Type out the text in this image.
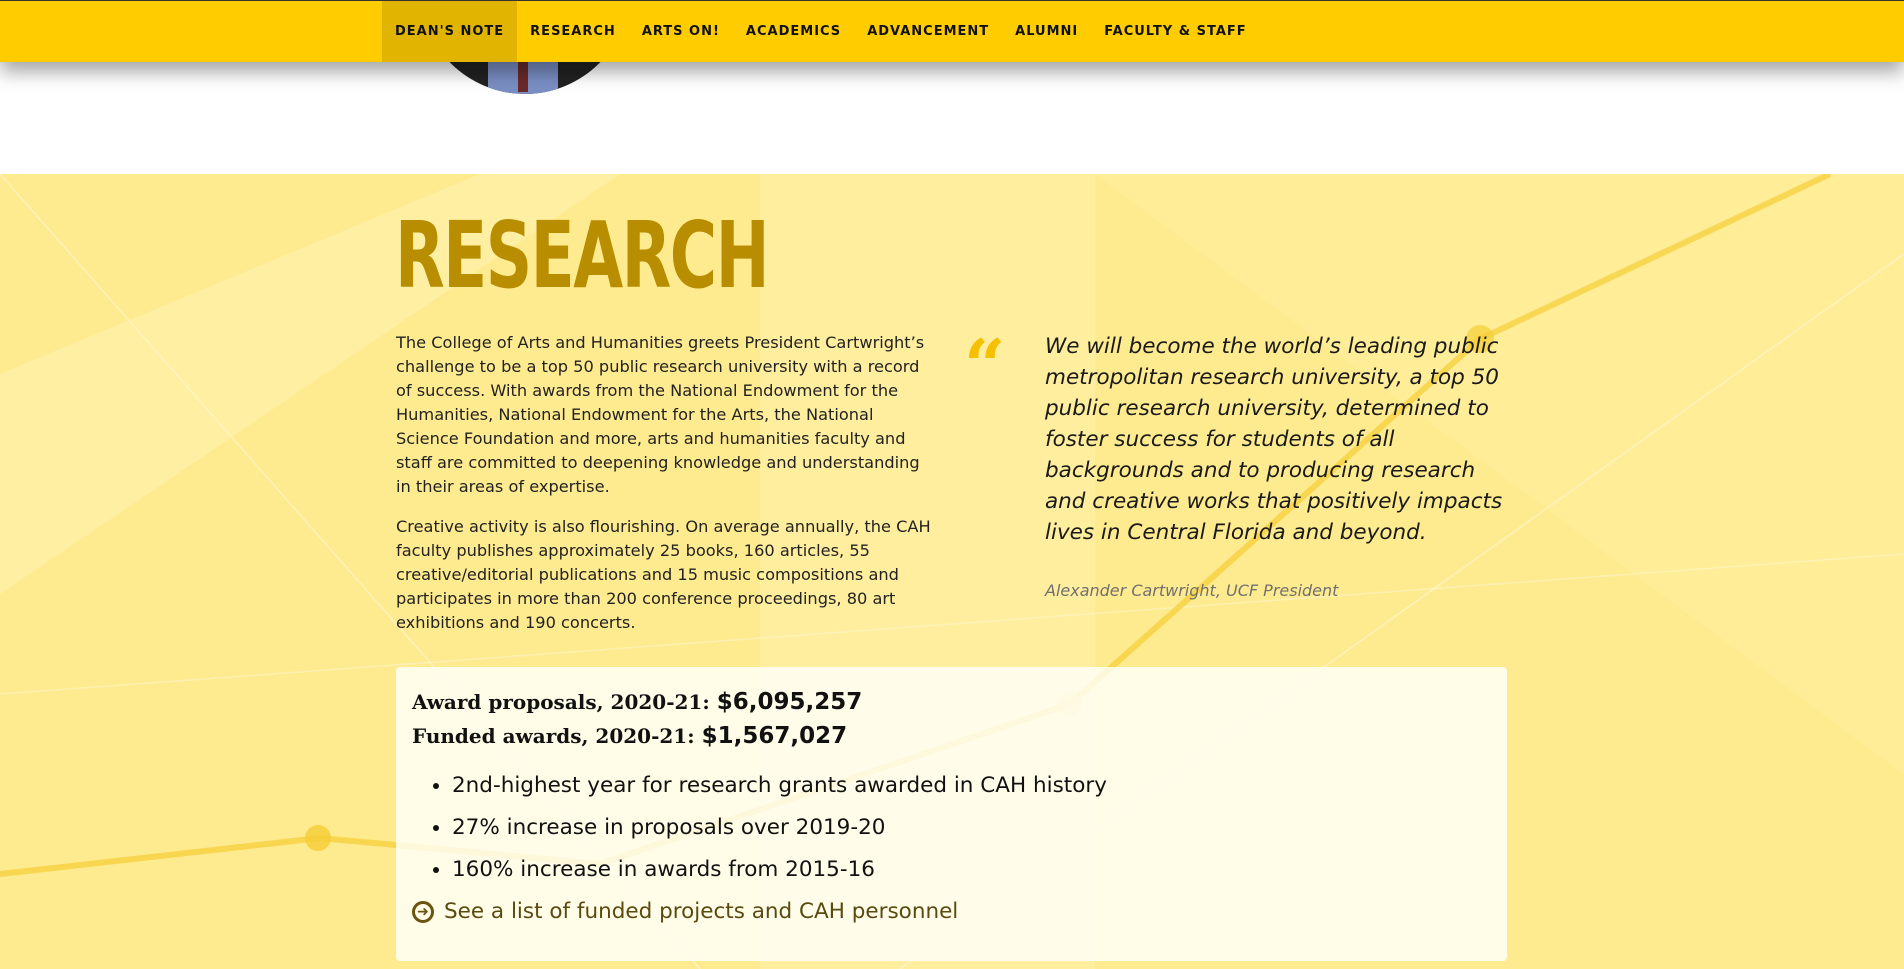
DEAN'S NOTE	RESEARCH	ARTS ON!	ACADEMICS	ADVANCEMENT	ALUMNI	FACULTY & STAFF
RESEARCH

The College of Arts and Humanities greets President Cartwright’s challenge to be a top 50 public research university with a record of success. With awards from the National Endowment for the Humanities, National Endowment for the Arts, the National Science Foundation and more, arts and humanities faculty and staff are committed to deepening knowledge and understanding in their areas of expertise.

Creative activity is also flourishing. On average annually, the CAH faculty publishes approximately 25 books, 160 articles, 55 creative/editorial publications and 15 music compositions and participates in more than 200 conference proceedings, 80 art exhibitions and 190 concerts.

“ We will become the world’s leading public metropolitan research university, a top 50 public research university, determined to foster success for students of all backgrounds and to producing research and creative works that positively impacts lives in Central Florida and beyond.
Alexander Cartwright, UCF President
Award proposals, 2020-21: $6,095,257
Funded awards, 2020-21: $1,567,027
• 2nd-highest year for research grants awarded in CAH history
• 27% increase in proposals over 2019-20
• 160% increase in awards from 2015-16
➜ See a list of funded projects and CAH personnel
